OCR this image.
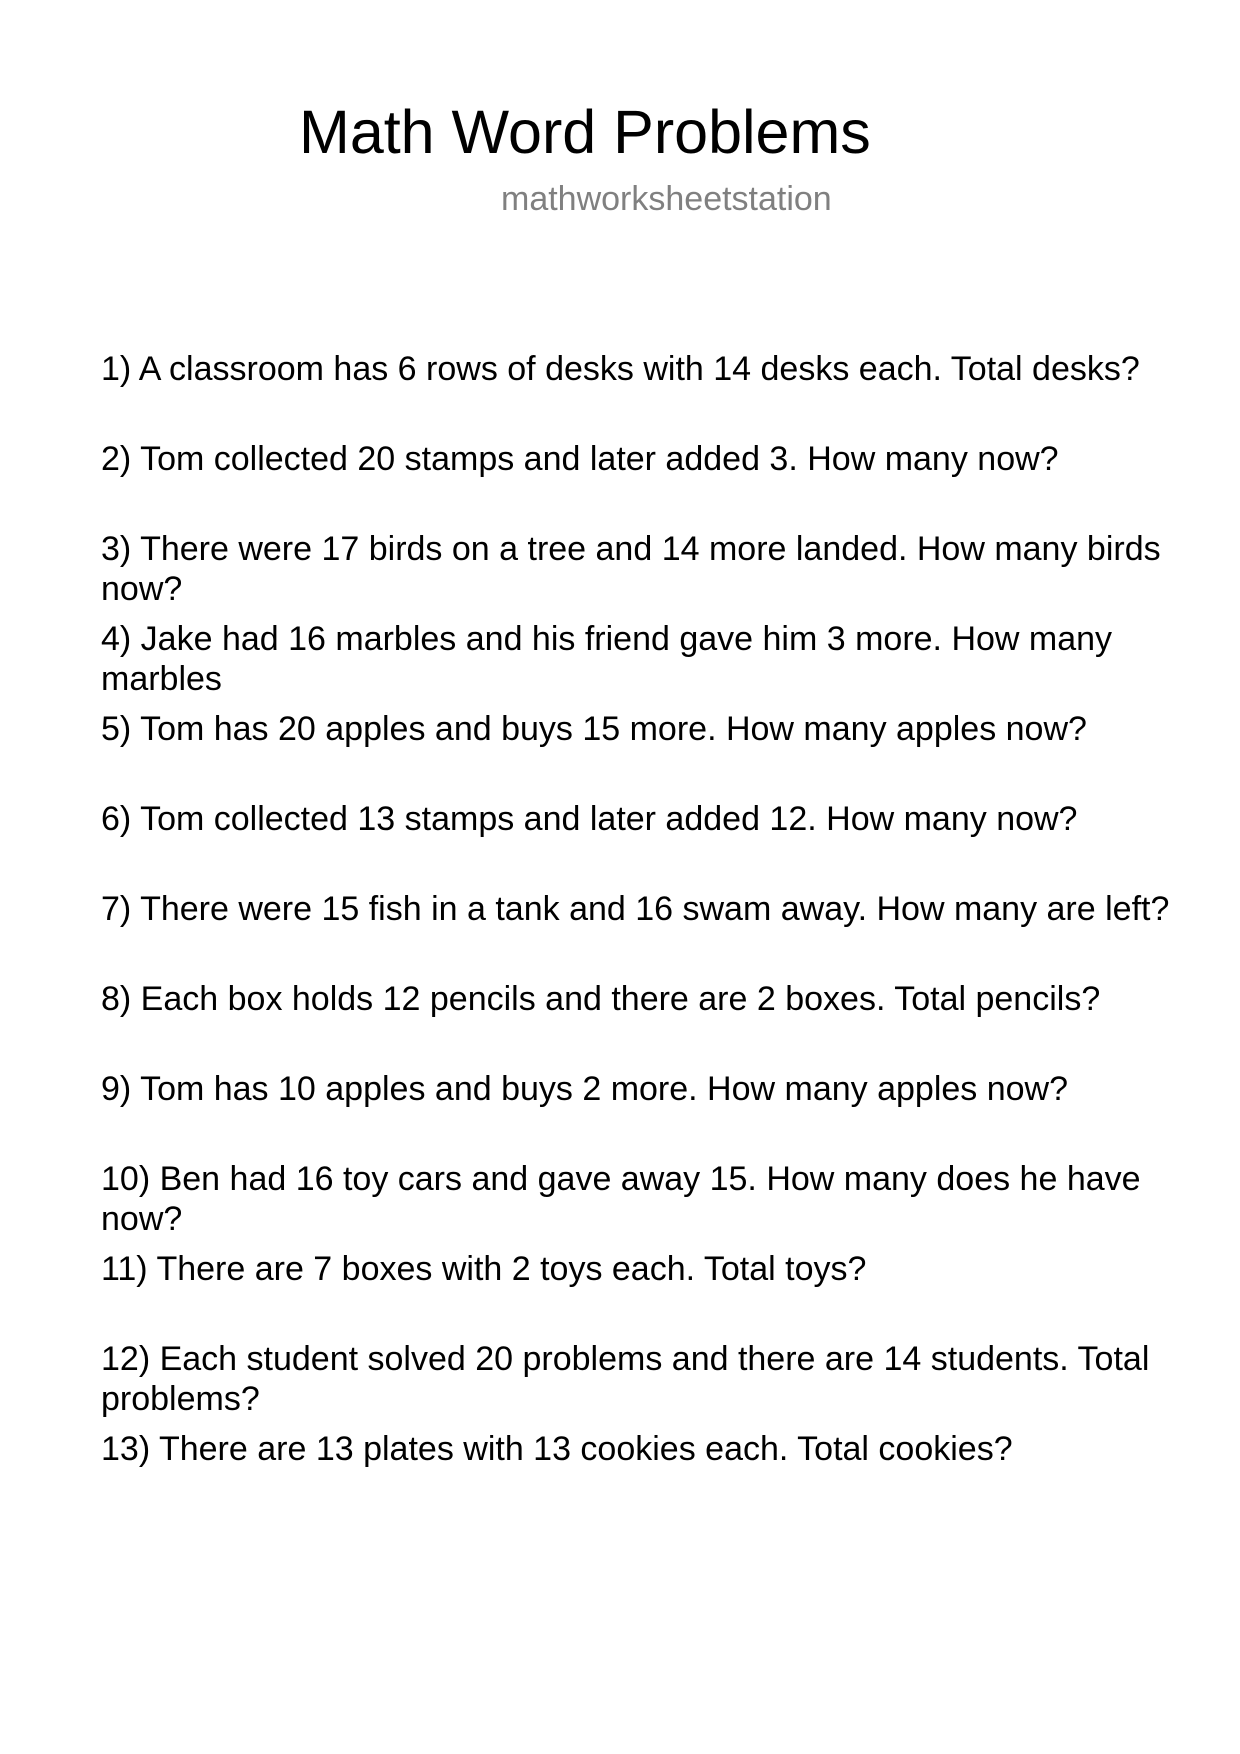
Math Word Problems
mathworksheetstation
1) A classroom has 6 rows of desks with 14 desks each. Total desks?
2) Tom collected 20 stamps and later added 3. How many now?
3) There were 17 birds on a tree and 14 more landed. How many birds now?
4) Jake had 16 marbles and his friend gave him 3 more. How many marbles
5) Tom has 20 apples and buys 15 more. How many apples now?
6) Tom collected 13 stamps and later added 12. How many now?
7) There were 15 fish in a tank and 16 swam away. How many are left?
8) Each box holds 12 pencils and there are 2 boxes. Total pencils?
9) Tom has 10 apples and buys 2 more. How many apples now?
10) Ben had 16 toy cars and gave away 15. How many does he have now?
11) There are 7 boxes with 2 toys each. Total toys?
12) Each student solved 20 problems and there are 14 students. Total problems?
13) There are 13 plates with 13 cookies each. Total cookies?
